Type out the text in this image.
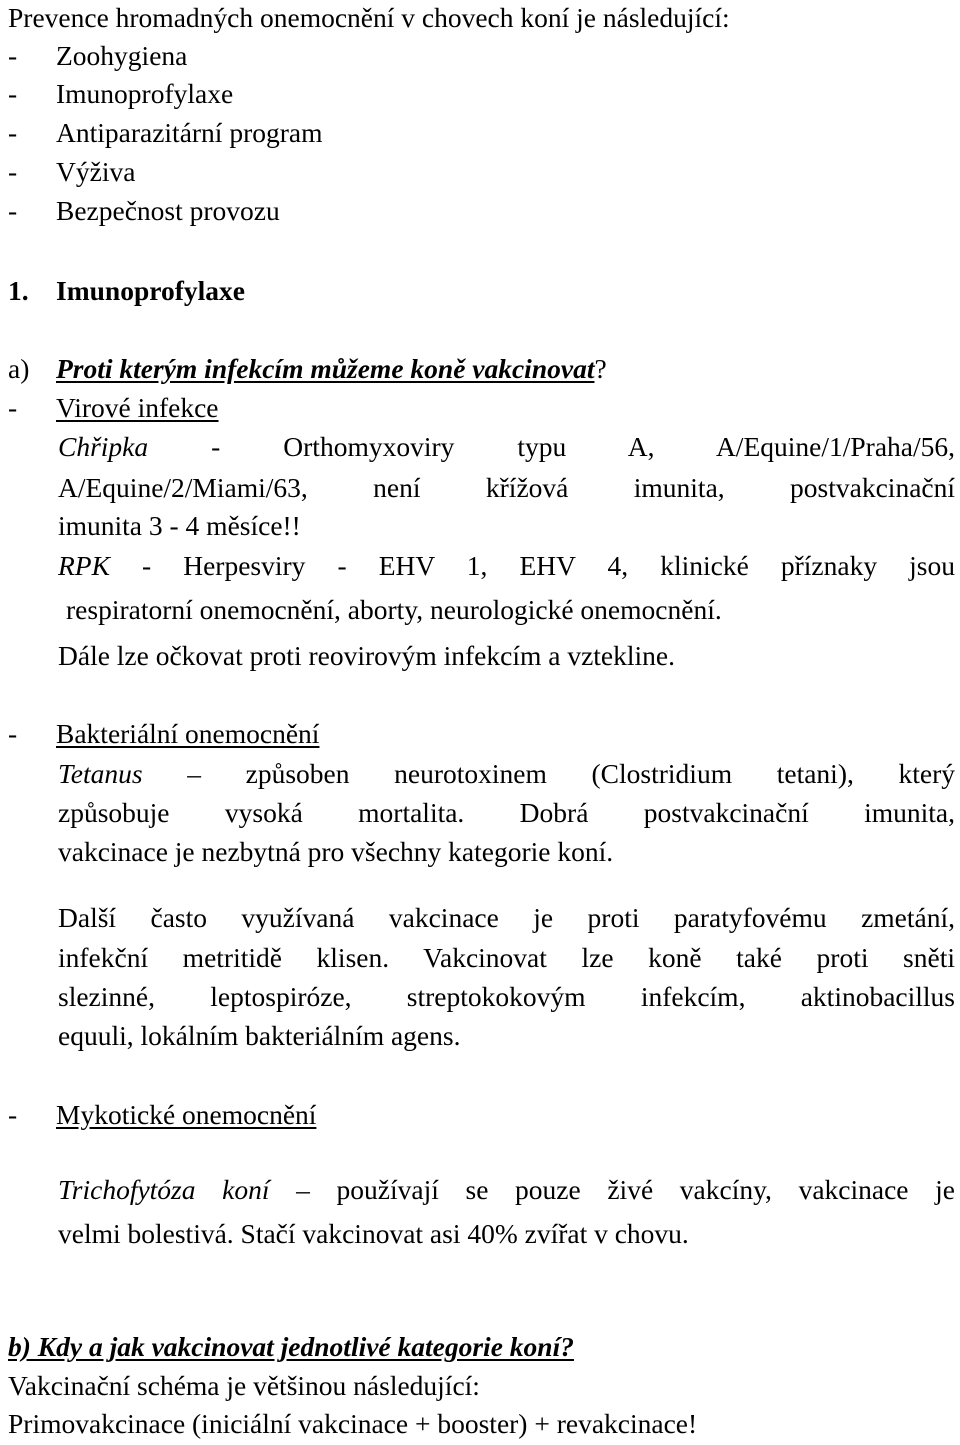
Prevence hromadných onemocnění v chovech koní je následující:

- Zoohygiena

- Imunoprofylaxe

- Antiparazitární program

- Výživa

- Bezpečnost provozu

1. Imunoprofylaxe

a) Proti kterým infekcím můžeme koně vakcinovat?

- Virové infekce

Chřipka - Orthomyxoviry typu A, A/Equine/1/Praha/56,

A/Equine/2/Miami/63, není křížová imunita, postvakcinační

imunita 3 - 4 měsíce!!

RPK - Herpesviry - EHV 1, EHV 4, klinické příznaky jsou

respiratorní onemocnění, aborty, neurologické onemocnění.

Dále lze očkovat proti reovirovým infekcím a vztekline.

- Bakteriální onemocnění

Tetanus – způsoben neurotoxinem (Clostridium tetani), který

způsobuje vysoká mortalita. Dobrá postvakcinační imunita,

vakcinace je nezbytná pro všechny kategorie koní.

Další často využívaná vakcinace je proti paratyfovému zmetání,

infekční metritidě klisen. Vakcinovat lze koně také proti sněti

slezinné, leptospiróze, streptokokovým infekcím, aktinobacillus

equuli, lokálním bakteriálním agens.

- Mykotické onemocnění

Trichofytóza koní – používají se pouze živé vakcíny, vakcinace je

velmi bolestivá. Stačí vakcinovat asi 40% zvířat v chovu.

b) Kdy a jak vakcinovat jednotlivé kategorie koní?

Vakcinační schéma je většinou následující:

Primovakcinace (iniciální vakcinace + booster) + revakcinace!
